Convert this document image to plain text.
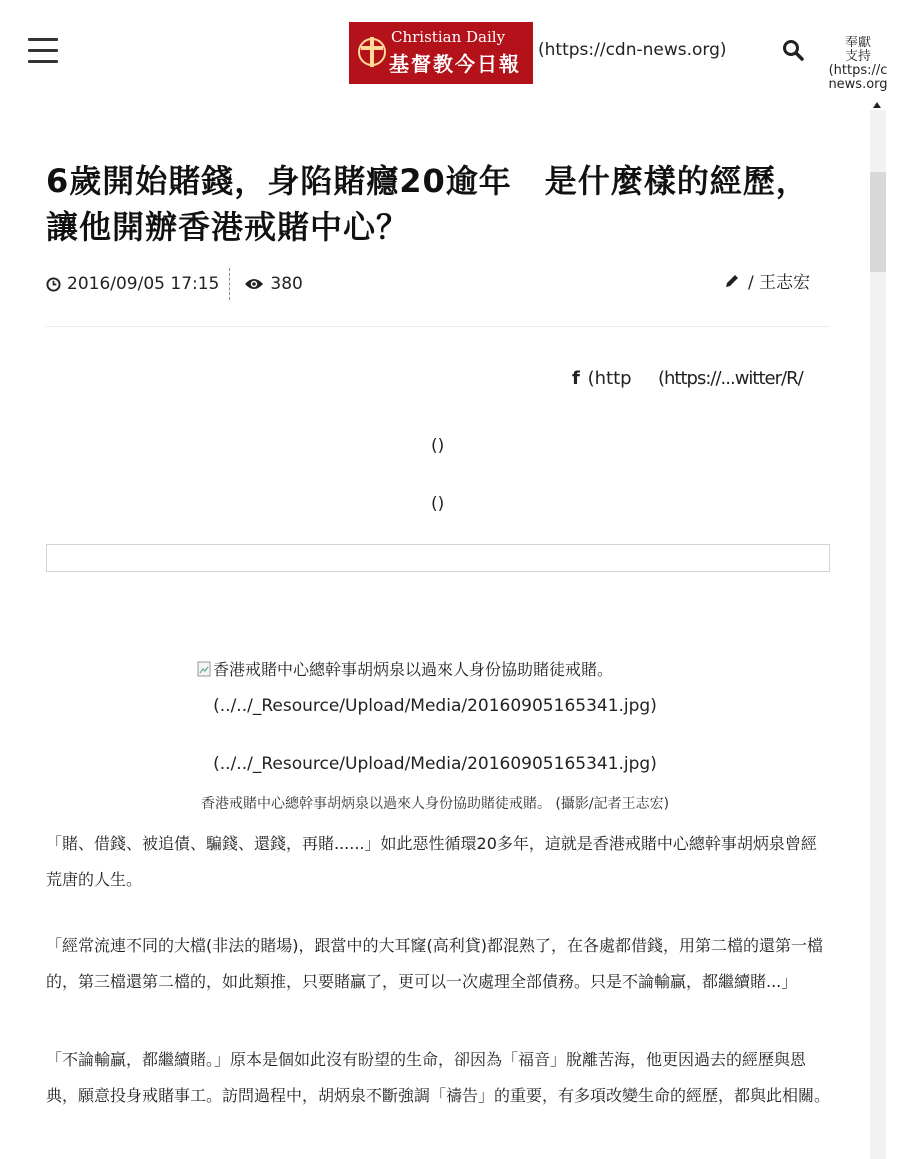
Christian Daily
基督教今日報
(https://cdn-news.org)	奉獻
支持
(https://c
news.org
6歲開始賭錢，身陷賭癮20逾年　是什麼樣的經歷，
讓他開辦香港戒賭中心？
2016/09/05 17:15	380	/ 王志宏
f (http (https://...witter/R/
()
()
香港戒賭中心總幹事胡炳泉以過來人身份協助賭徒戒賭。
(../../_Resource/Upload/Media/20160905165341.jpg)
(../../_Resource/Upload/Media/20160905165341.jpg)
香港戒賭中心總幹事胡炳泉以過來人身份協助賭徒戒賭。 (攝影/記者王志宏)

「賭、借錢、被追債、騙錢、還錢，再賭......」如此惡性循環20多年，這就是香港戒賭中心總幹事胡炳泉曾經荒唐的人生。

「經常流連不同的大檔(非法的賭場)，跟當中的大耳窿(高利貸)都混熟了，在各處都借錢，用第二檔的還第一檔的，第三檔還第二檔的，如此類推，只要賭贏了，更可以一次處理全部債務。只是不論輸贏，都繼續賭...」

「不論輸贏，都繼續賭。」原本是個如此沒有盼望的生命，卻因為「福音」脫離苦海，他更因過去的經歷與恩典，願意投身戒賭事工。訪問過程中，胡炳泉不斷強調「禱告」的重要，有多項改變生命的經歷，都與此相關。
